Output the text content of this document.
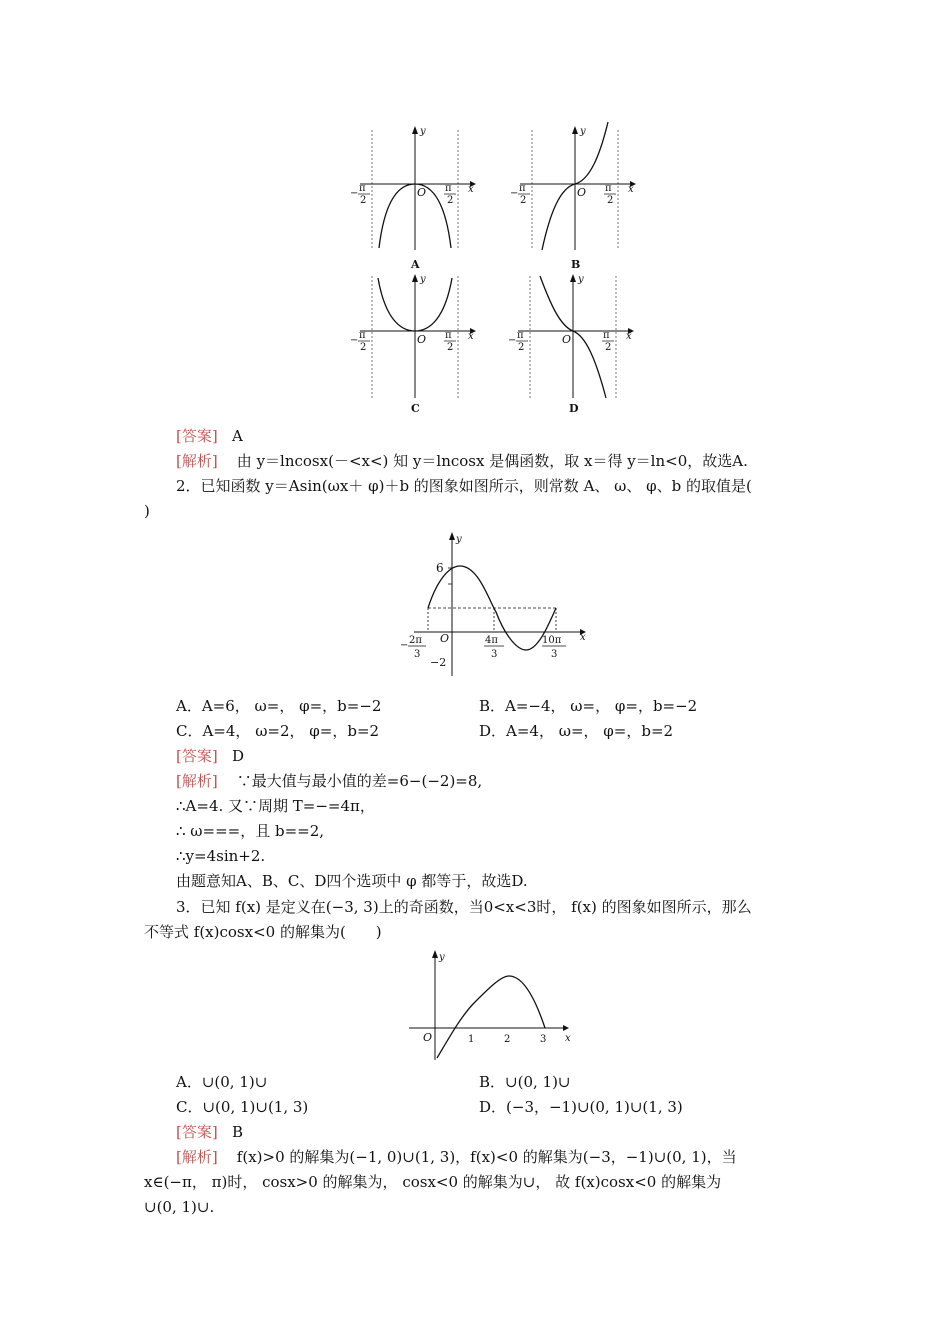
y
x
O
− π
2
π
2
A
y
x
O
− π
2
π
2
B
y
x
O
− π
2
π
2
C
y
x
O
− π
2
π
2
D
[答案] A
[解析] 由 y＝lncosx(－<x<) 知 y＝lncosx 是偶函数，取 x＝得 y＝ln<0，故选A.
2．已知函数 y＝Asin(ωx＋ φ)＋b 的图象如图所示，则常数 A、 ω、 φ、b 的取值是(
)
y
x
6
O
−2
− 2π
3
4π
3
10π
3
A．A=6， ω=， φ=，b=−2	B．A=−4， ω=， φ=，b=−2
C．A=4， ω=2， φ=，b=2	D．A=4， ω=， φ=，b=2
[答案] D
[解析] ∵最大值与最小值的差=6−(−2)=8,
∴A=4. 又∵周期 T=−=4π，
∴ ω===，且 b==2,
∴y=4sin+2.
由题意知A、B、C、D四个选项中 φ 都等于，故选D.
3．已知 f(x) 是定义在(−3, 3)上的奇函数，当0<x<3时， f(x) 的图象如图所示，那么
不等式 f(x)cosx<0 的解集为(　　)
y
x
O	1	2	3
A．∪(0, 1)∪	B．∪(0, 1)∪
C．∪(0, 1)∪(1, 3)	D．(−3，−1)∪(0, 1)∪(1, 3)
[答案] B
[解析] f(x)>0 的解集为(−1, 0)∪(1, 3)，f(x)<0 的解集为(−3，−1)∪(0, 1)，当
x∈(−π， π)时， cosx>0 的解集为， cosx<0 的解集为∪， 故 f(x)cosx<0 的解集为
∪(0, 1)∪.
